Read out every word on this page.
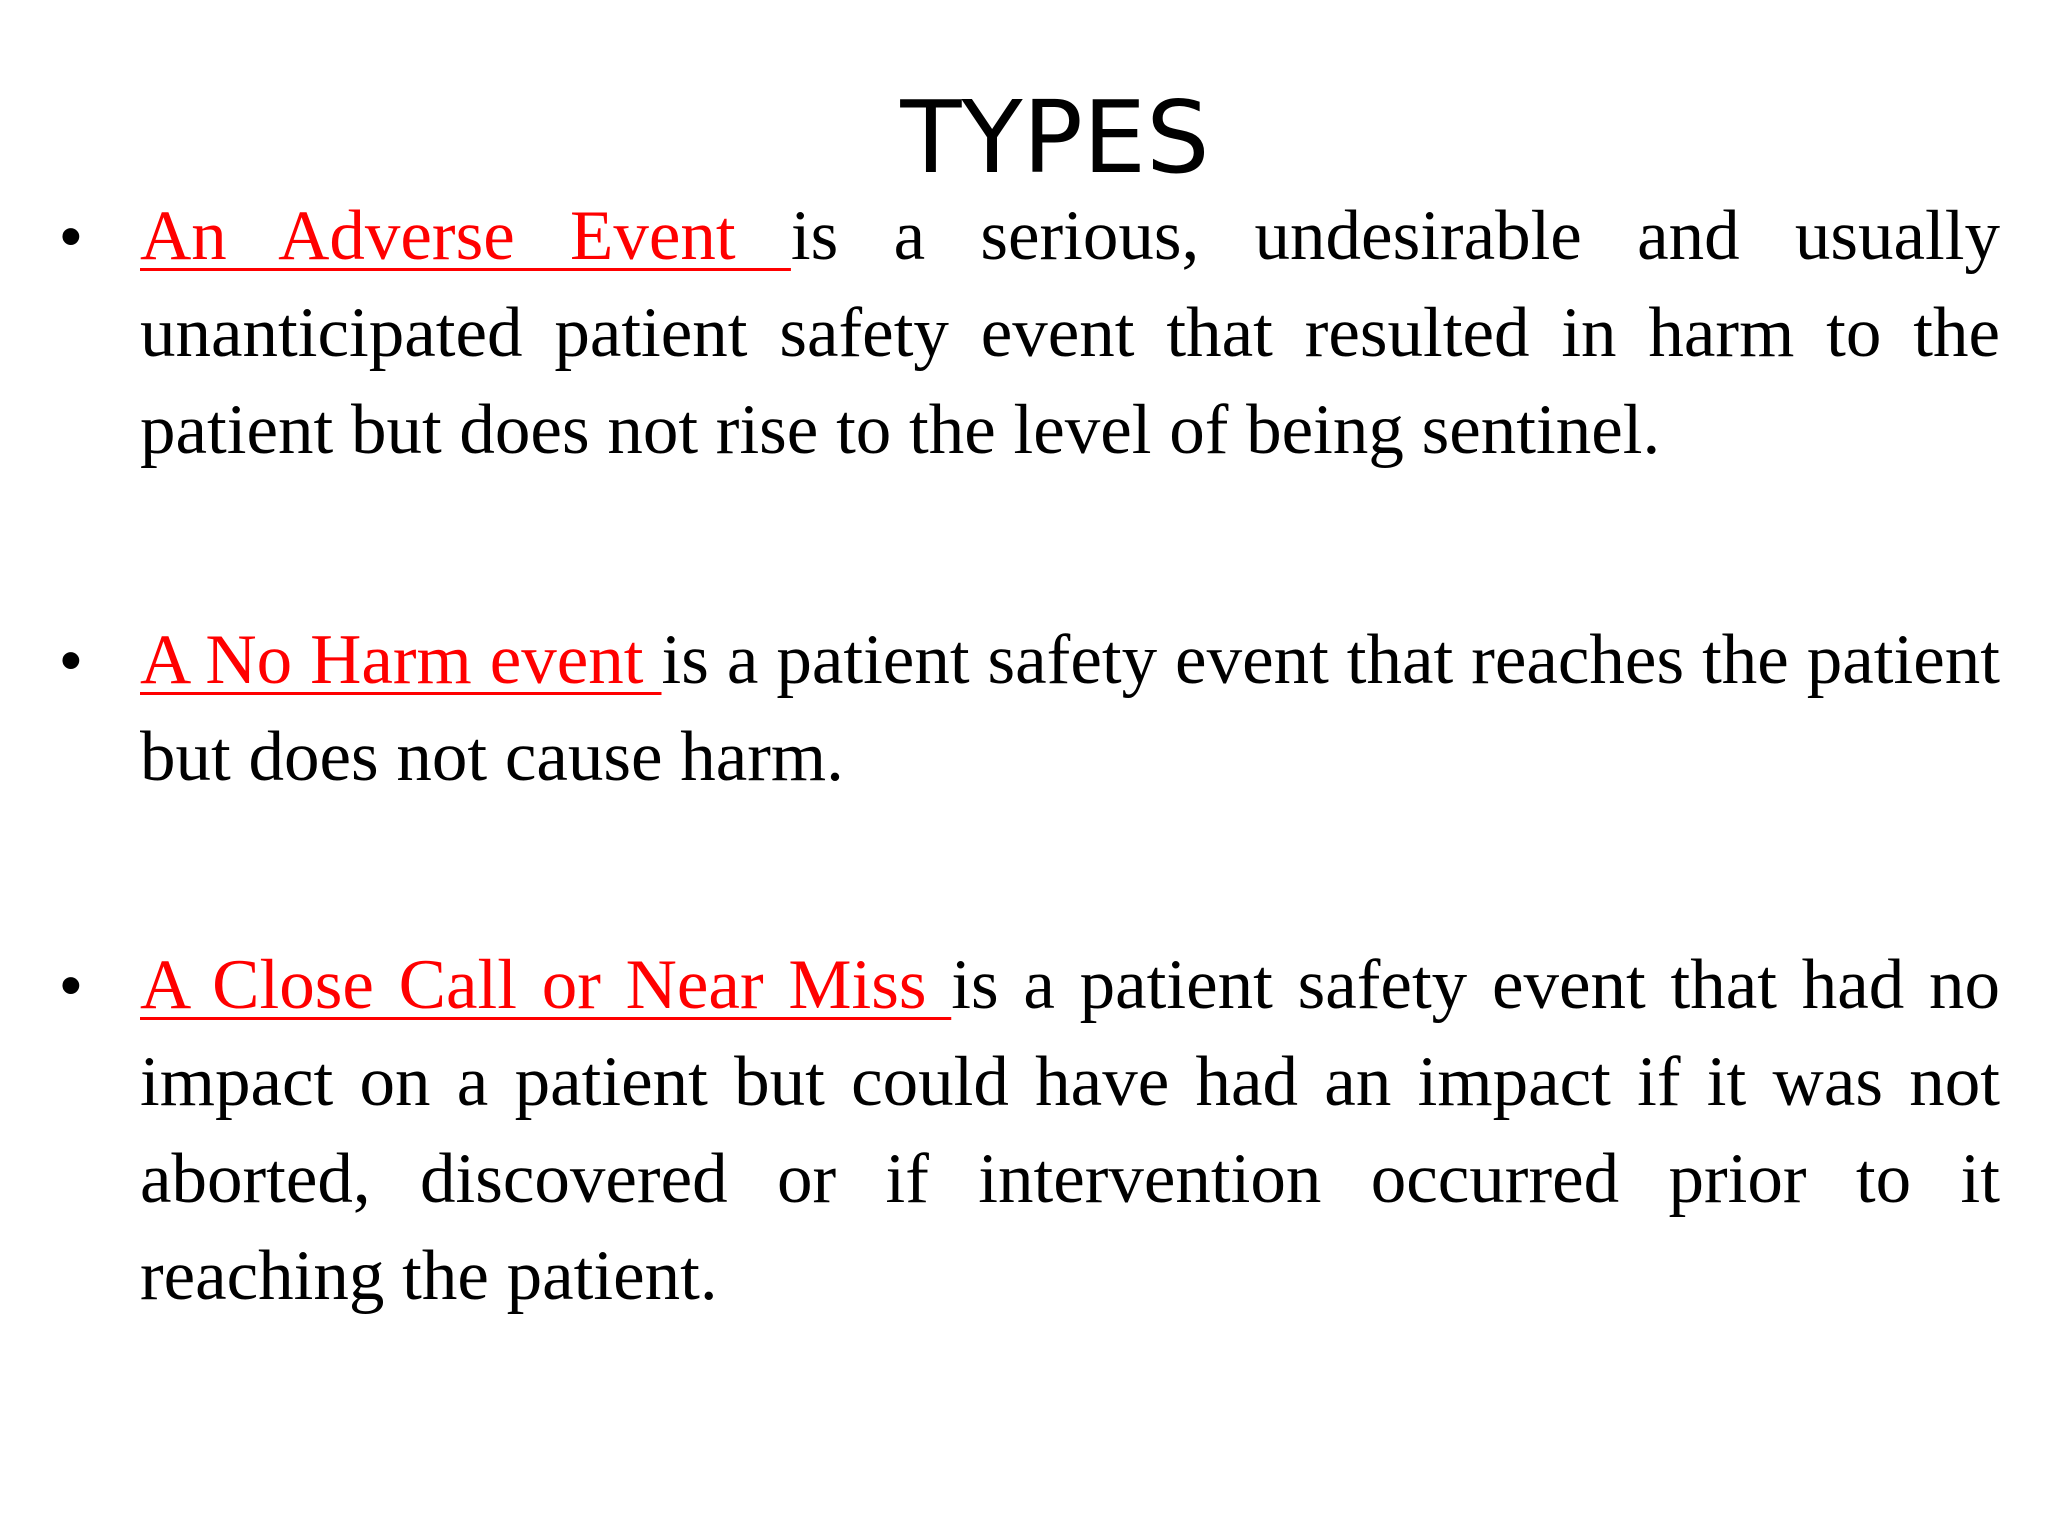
TYPES
• An Adverse Event is a serious, undesirable and usually unanticipated patient safety event that resulted in harm to the patient but does not rise to the level of being sentinel.
• A No Harm event is a patient safety event that reaches the patient but does not cause harm.
• A Close Call or Near Miss is a patient safety event that had no impact on a patient but could have had an impact if it was not aborted, discovered or if intervention occurred prior to it reaching the patient.
